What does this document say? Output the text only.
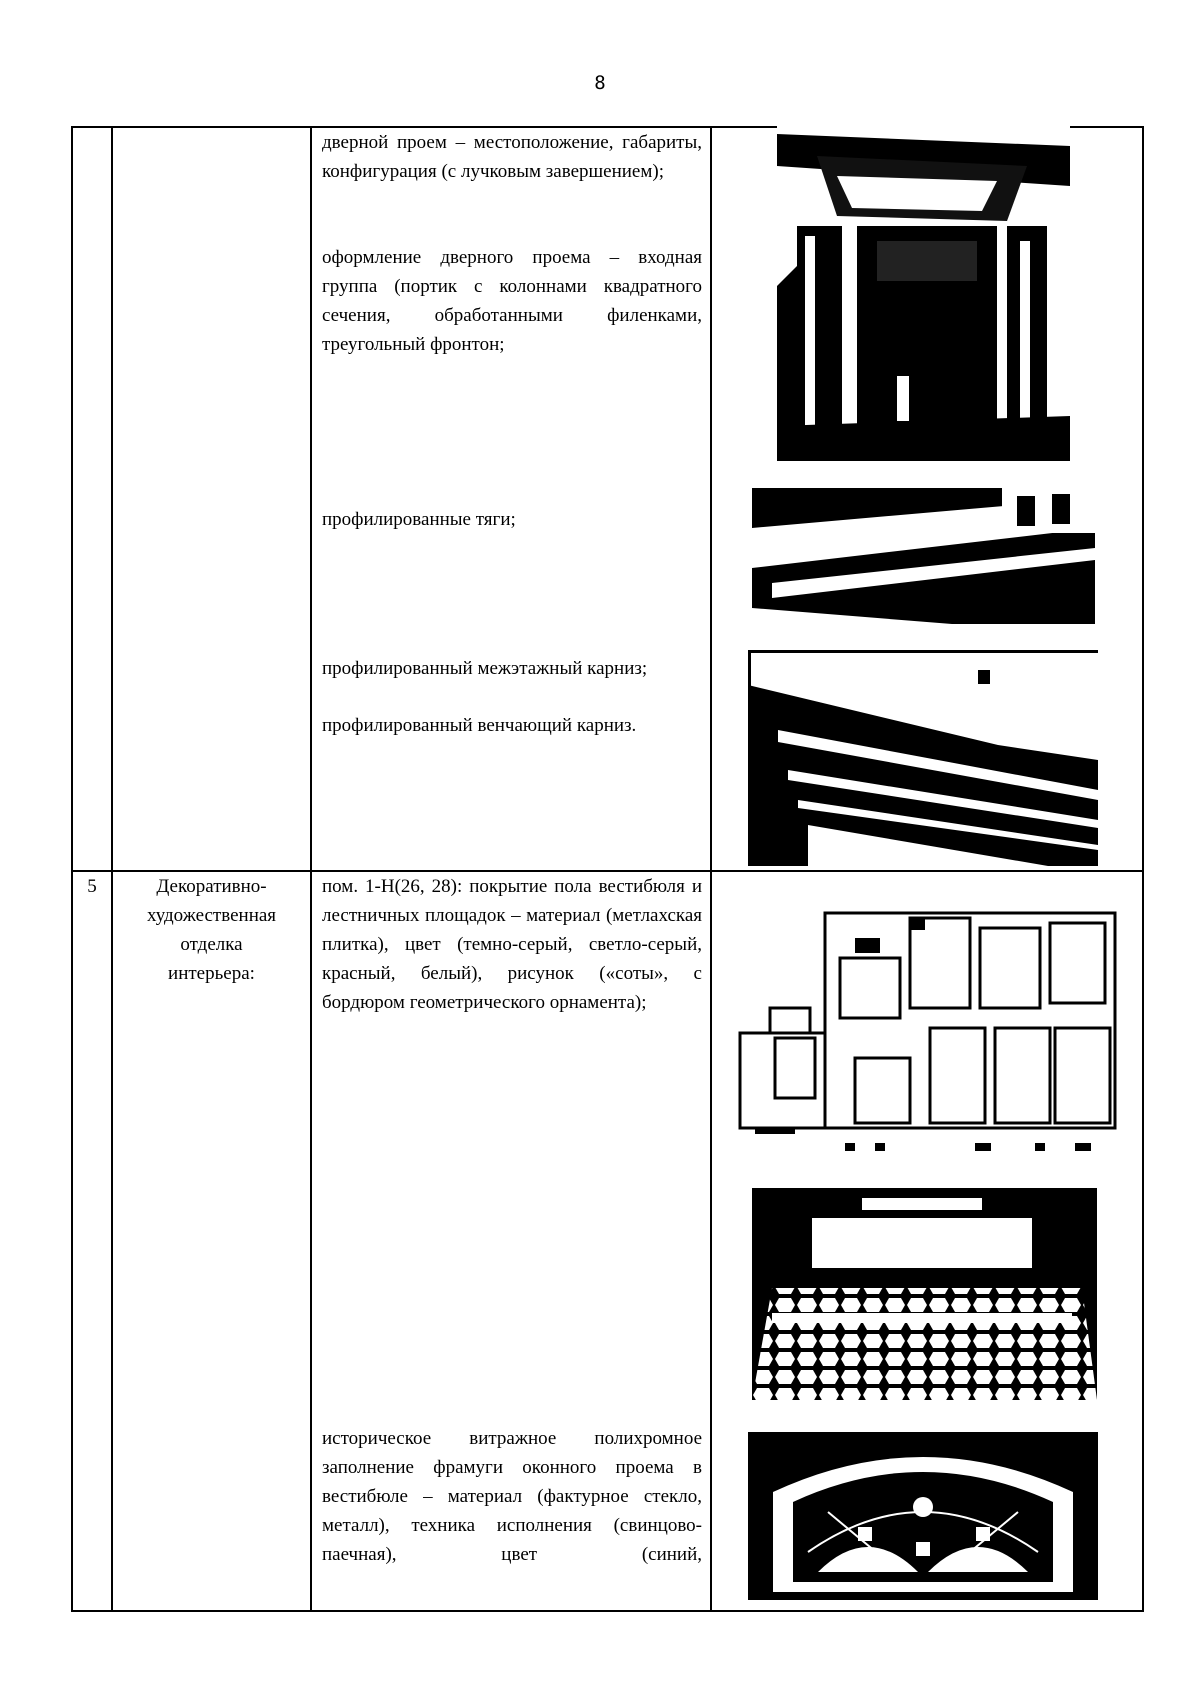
8
дверной проем – местоположение, габариты, конфигурация (с лучковым завершением);
оформление дверного проема – входная группа (портик с колоннами квадратного сечения, обработанными филенками, треугольный фронтон;
профилированные тяги;
профилированный межэтажный карниз;
профилированный венчающий карниз.
5	Декоративно-
художественная
отделка
интерьера:
пом. 1-Н(26, 28): покрытие пола вестибюля и лестничных площадок – материал (метлахская плитка), цвет (темно-серый, светло-серый, красный, белый), рисунок («соты», с бордюром геометрического орнамента);
историческое витражное полихромное заполнение фрамуги оконного проема в вестибюле – материал (фактурное стекло, металл), техника исполнения (свинцово-паечная), цвет (синий,
